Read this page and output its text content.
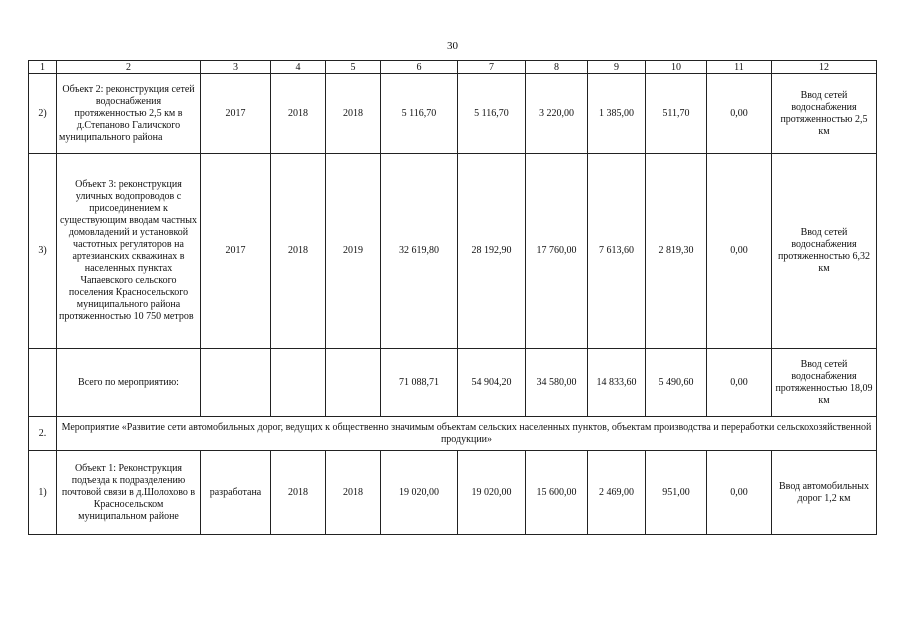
30
1	2	3	4	5	6	7	8	9	10	11	12
2)	Объект 2: реконструкция сетей водоснабжения протяженностью 2,5 км в д.Степаново Галичского муниципального района	2017	2018	2018	5 116,70	5 116,70	3 220,00	1 385,00	511,70	0,00	Ввод сетей водоснабжения протяженностью 2,5 км
3)	Объект 3: реконструкция уличных водопроводов с присоединением к существующим вводам частных домовладений и установкой частотных регуляторов на артезианских скважинах в населенных пунктах Чапаевского сельского поселения Красносельского муниципального района протяженностью 10 750 метров	2017	2018	2019	32 619,80	28 192,90	17 760,00	7 613,60	2 819,30	0,00	Ввод сетей водоснабжения протяженностью 6,32 км
	Всего по мероприятию:				71 088,71	54 904,20	34 580,00	14 833,60	5 490,60	0,00	Ввод сетей водоснабжения протяженностью 18,09 км
2.	Мероприятие «Развитие сети автомобильных дорог, ведущих к общественно значимым объектам сельских населенных пунктов, объектам производства и переработки сельскохозяйственной продукции»										
1)	Объект 1: Реконструкция подъезда к подразделению почтовой связи в д.Шолохово в Красносельском муниципальном районе	разработана	2018	2018	19 020,00	19 020,00	15 600,00	2 469,00	951,00	0,00	Ввод автомобильных дорог 1,2 км
